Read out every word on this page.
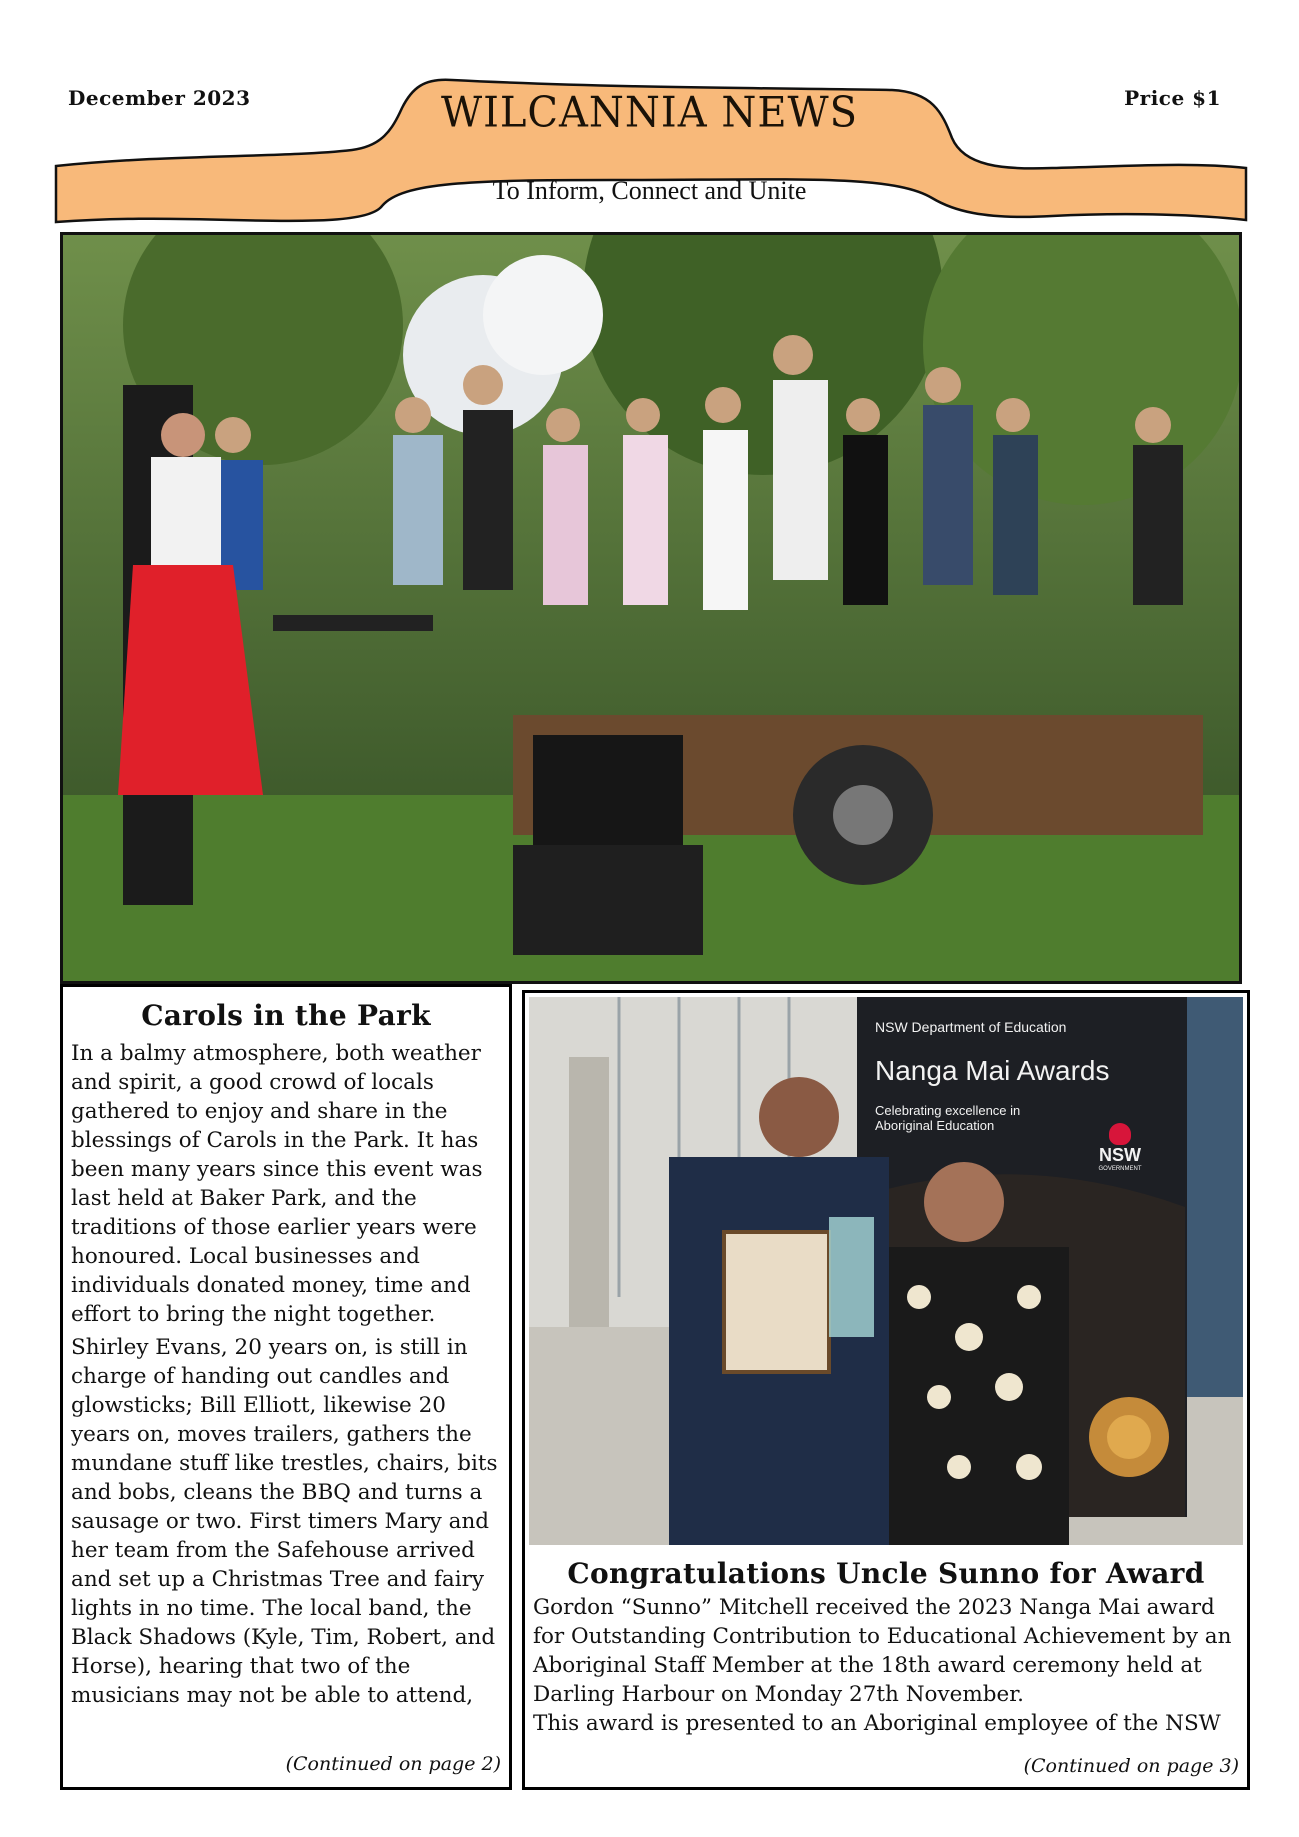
December 2023	Price $1
WILCANNIA NEWS
To Inform, Connect and Unite
Carols in the Park

In a balmy atmosphere, both weather and spirit, a good crowd of locals gathered to enjoy and share in the blessings of Carols in the Park. It has been many years since this event was last held at Baker Park, and the traditions of those earlier years were honoured. Local businesses and individuals donated money, time and effort to bring the night together.

Shirley Evans, 20 years on, is still in charge of handing out candles and glowsticks; Bill Elliott, likewise 20 years on, moves trailers, gathers the mundane stuff like trestles, chairs, bits and bobs, cleans the BBQ and turns a sausage or two. First timers Mary and her team from the Safehouse arrived and set up a Christmas Tree and fairy lights in no time. The local band, the Black Shadows (Kyle, Tim, Robert, and Horse), hearing that two of the musicians may not be able to attend,

(Continued on page 2)
NSW Department of Education
Nanga Mai Awards
Celebrating excellence in
Aboriginal Education
NSW
GOVERNMENT
Congratulations Uncle Sunno for Award

Gordon “Sunno” Mitchell received the 2023 Nanga Mai award for Outstanding Contribution to Educational Achievement by an Aboriginal Staff Member at the 18th award ceremony held at Darling Harbour on Monday 27th November.

This award is presented to an Aboriginal employee of the NSW

(Continued on page 3)
